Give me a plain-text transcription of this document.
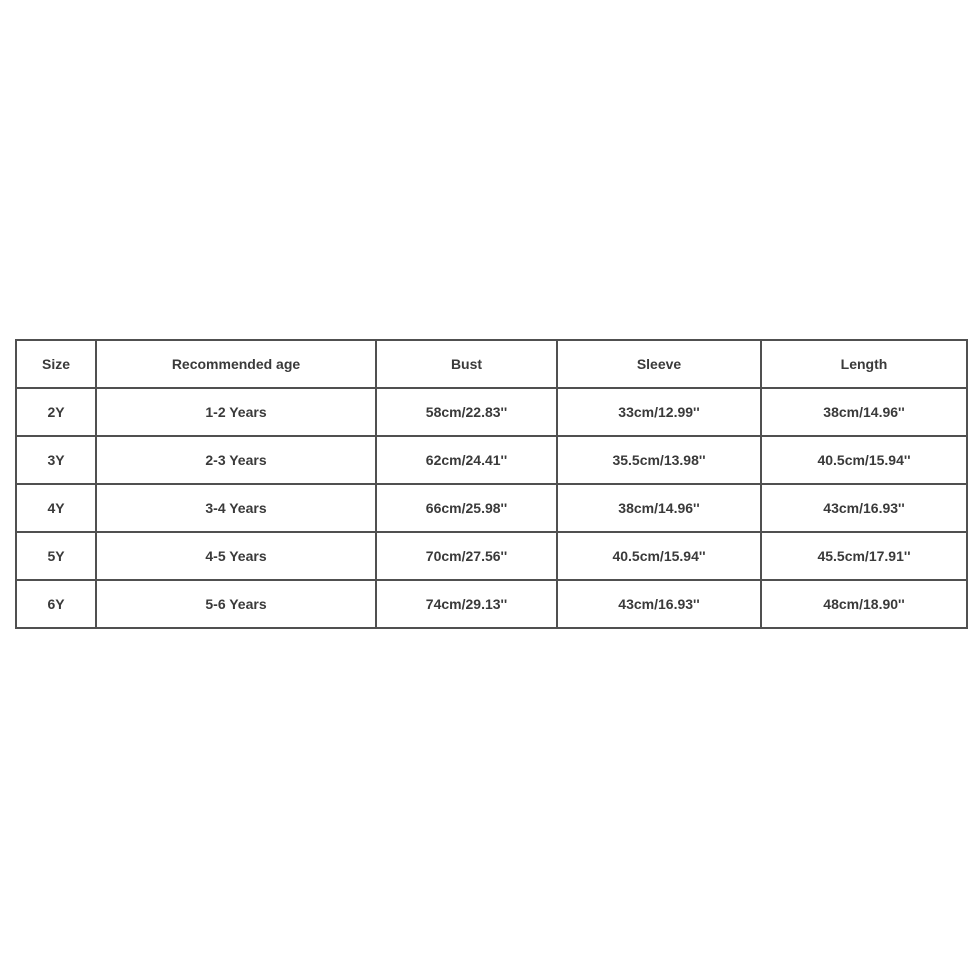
Size	Recommended age	Bust	Sleeve	Length
2Y	1-2 Years	58cm/22.83''	33cm/12.99''	38cm/14.96''
3Y	2-3 Years	62cm/24.41''	35.5cm/13.98''	40.5cm/15.94''
4Y	3-4 Years	66cm/25.98''	38cm/14.96''	43cm/16.93''
5Y	4-5 Years	70cm/27.56''	40.5cm/15.94''	45.5cm/17.91''
6Y	5-6 Years	74cm/29.13''	43cm/16.93''	48cm/18.90''
